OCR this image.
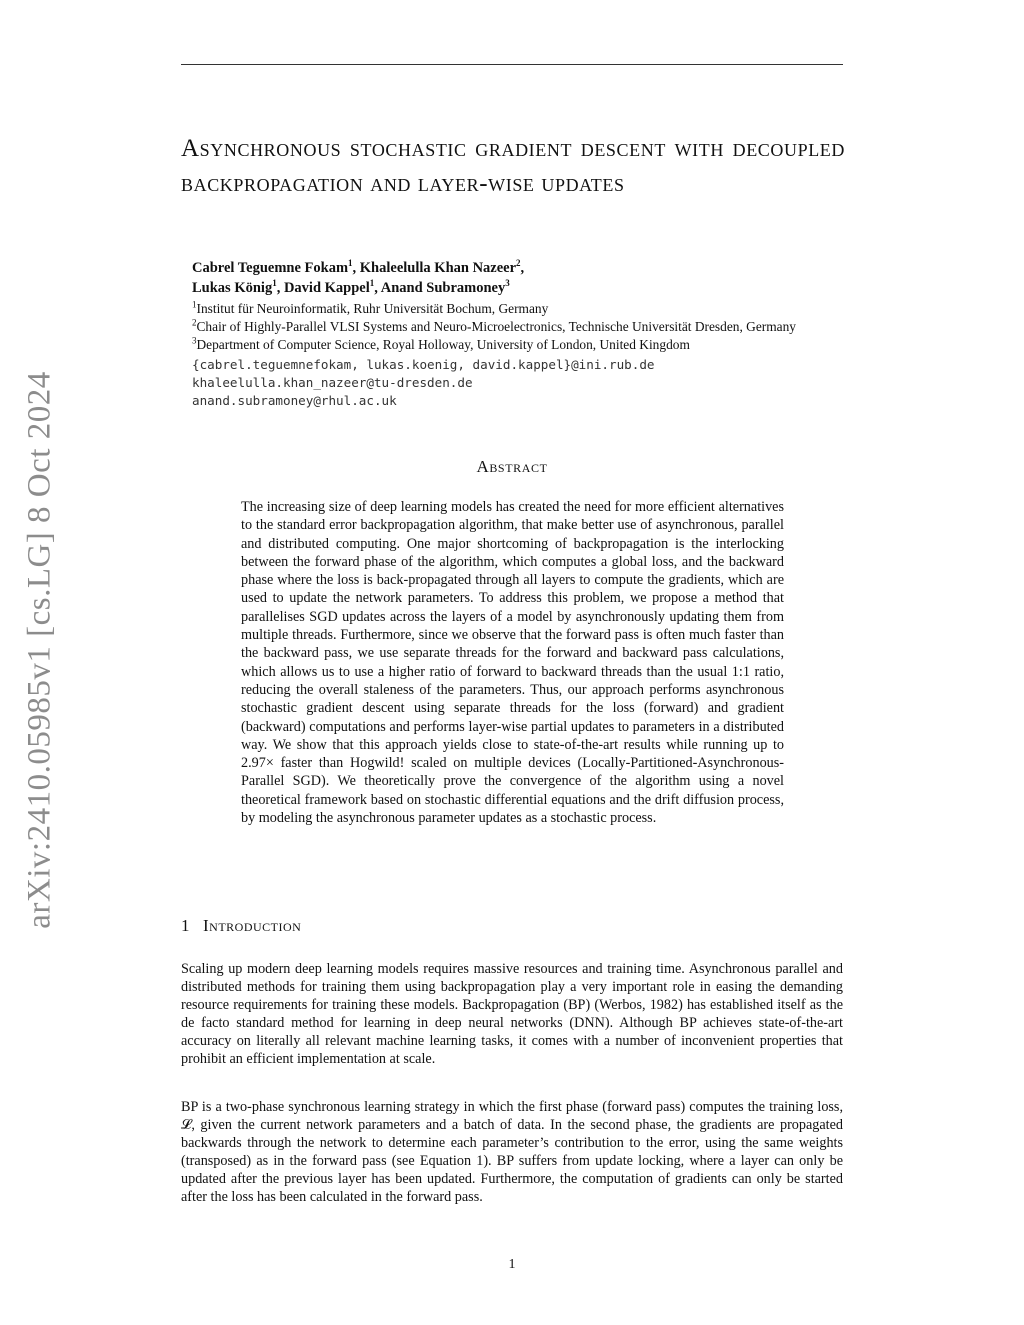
arXiv:2410.05985v1 [cs.LG] 8 Oct 2024
Asynchronous stochastic gradient descent with decoupled backpropagation and layer-wise updates
Cabrel Teguemne Fokam$^1$, Khaleelulla Khan Nazeer$^2$,
Lukas König$^1$, David Kappel$^1$, Anand Subramoney$^3$
$^1$Institut für Neuroinformatik, Ruhr Universität Bochum, Germany
$^2$Chair of Highly-Parallel VLSI Systems and Neuro-Microelectronics, Technische Universität Dresden, Germany
$^3$Department of Computer Science, Royal Holloway, University of London, United Kingdom
{cabrel.teguemnefokam, lukas.koenig, david.kappel}@ini.rub.de
khaleelulla.khan_nazeer@tu-dresden.de
anand.subramoney@rhul.ac.uk
Abstract

The increasing size of deep learning models has created the need for more efficient alternatives to the standard error backpropagation algorithm, that make better use of asynchronous, parallel and distributed computing. One major shortcoming of backpropagation is the interlocking between the forward phase of the algorithm, which computes a global loss, and the backward phase where the loss is back-propagated through all layers to compute the gradients, which are used to update the network parameters. To address this problem, we propose a method that parallelises SGD updates across the layers of a model by asynchronously updating them from multiple threads. Furthermore, since we observe that the forward pass is often much faster than the backward pass, we use separate threads for the forward and backward pass calculations, which allows us to use a higher ratio of forward to backward threads than the usual 1:1 ratio, reducing the overall staleness of the parameters. Thus, our approach performs asynchronous stochastic gradient descent using separate threads for the loss (forward) and gradient (backward) computations and performs layer-wise partial updates to parameters in a distributed way. We show that this approach yields close to state-of-the-art results while running up to 2.97× faster than Hogwild! scaled on multiple devices (Locally-Partitioned-Asynchronous-Parallel SGD). We theoretically prove the convergence of the algorithm using a novel theoretical framework based on stochastic differential equations and the drift diffusion process, by modeling the asynchronous parameter updates as a stochastic process.

1 Introduction

Scaling up modern deep learning models requires massive resources and training time. Asynchronous parallel and distributed methods for training them using backpropagation play a very important role in easing the demanding resource requirements for training these models. Backpropagation (BP) (Werbos, 1982) has established itself as the de facto standard method for learning in deep neural networks (DNN). Although BP achieves state-of-the-art accuracy on literally all relevant machine learning tasks, it comes with a number of inconvenient properties that prohibit an efficient implementation at scale.

BP is a two-phase synchronous learning strategy in which the first phase (forward pass) computes the training loss, 𝓛, given the current network parameters and a batch of data. In the second phase, the gradients are propagated backwards through the network to determine each parameter’s contribution to the error, using the same weights (transposed) as in the forward pass (see Equation 1). BP suffers from update locking, where a layer can only be updated after the previous layer has been updated. Furthermore, the computation of gradients can only be started after the loss has been calculated in the forward pass.

1
